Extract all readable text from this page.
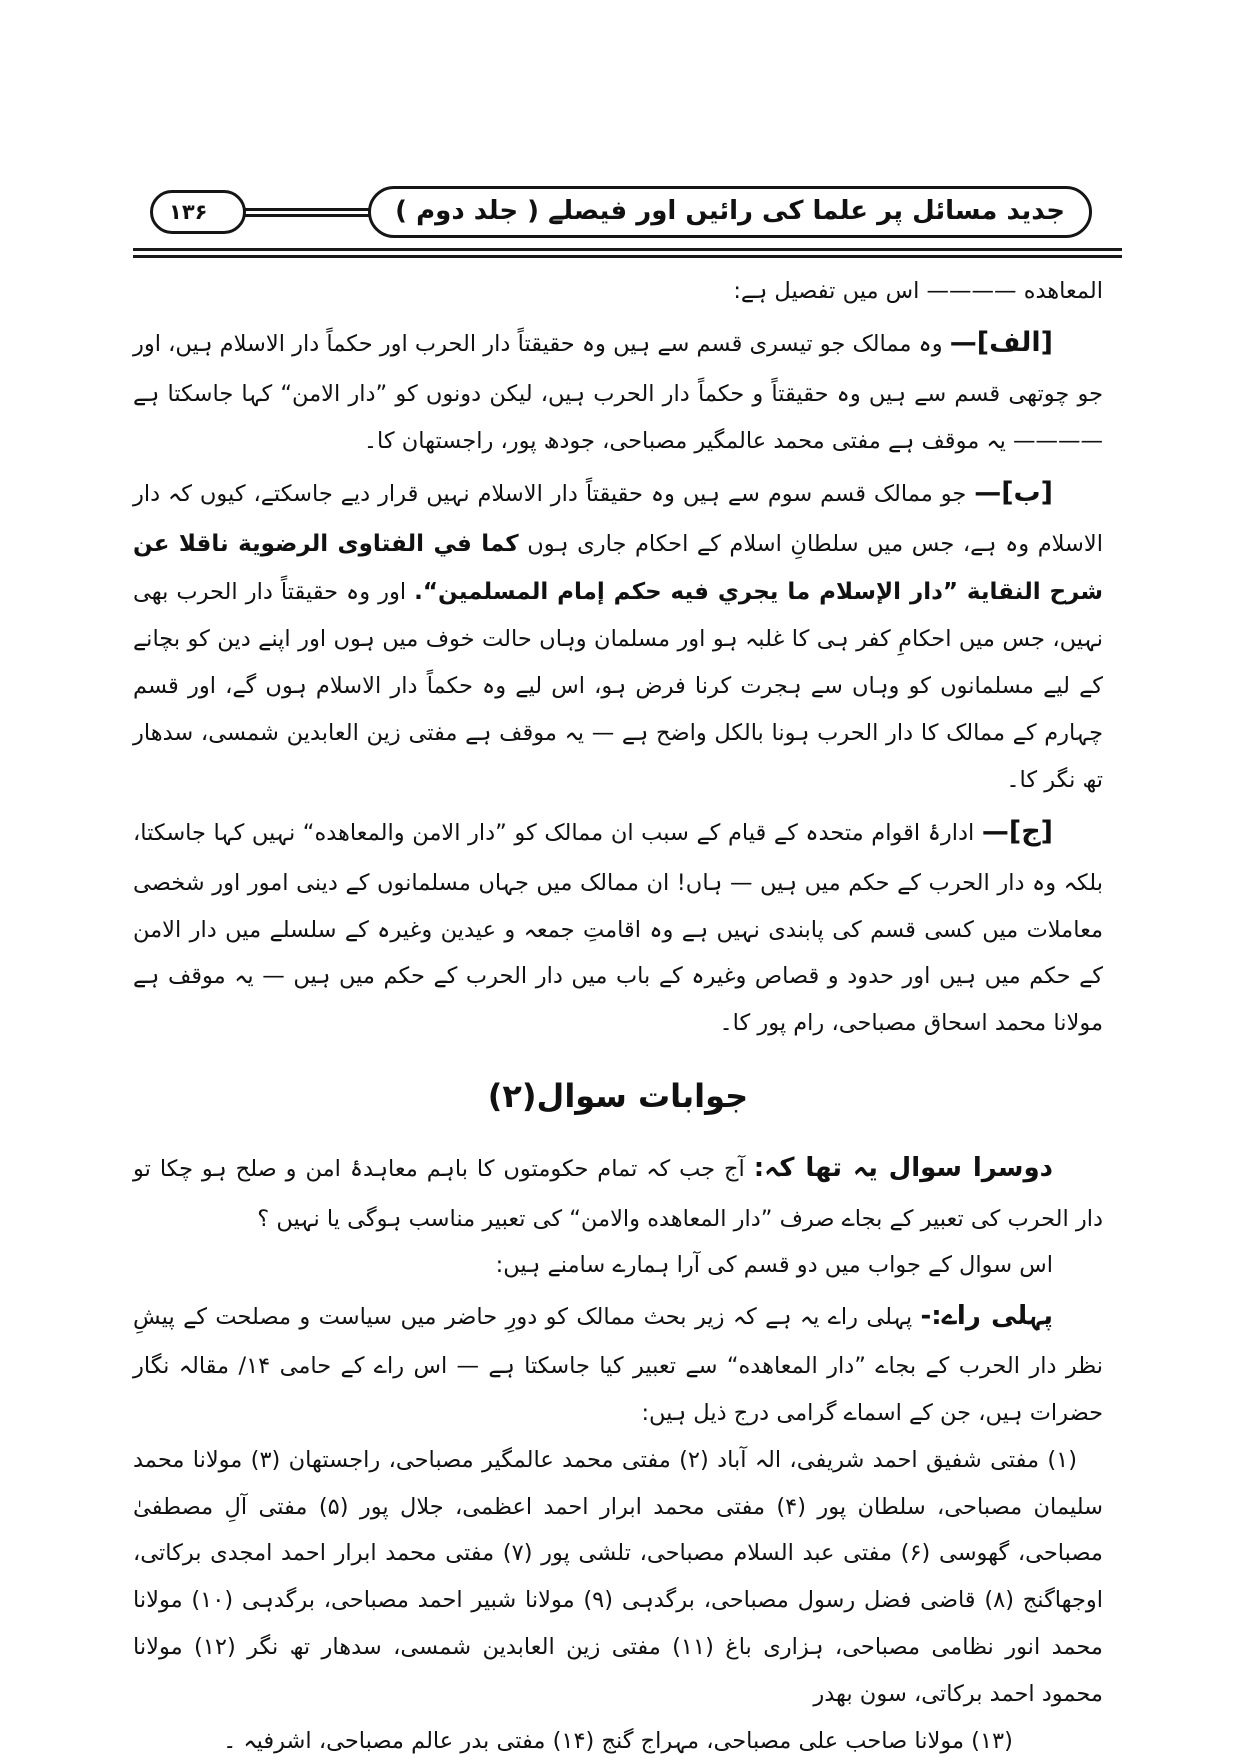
۱۳۶	جدید مسائل پر علما کی رائیں اور فیصلے ( جلد دوم )

المعاهده ———— اس میں تفصیل ہے:

[الف]— وہ ممالک جو تیسری قسم سے ہیں وہ حقیقتاً دار الحرب اور حکماً دار الاسلام ہیں، اور جو چوتھی قسم سے ہیں وہ حقیقتاً و حکماً دار الحرب ہیں، لیکن دونوں کو ”دار الامن“ کہا جاسکتا ہے ———— یہ موقف ہے مفتی محمد عالمگیر مصباحی، جودھ پور، راجستھان کا۔

[ب]— جو ممالک قسم سوم سے ہیں وہ حقیقتاً دار الاسلام نہیں قرار دیے جاسکتے، کیوں کہ دار الاسلام وہ ہے، جس میں سلطانِ اسلام کے احکام جاری ہوں كما في الفتاوى الرضوية ناقلا عن شرح النقاية ”دار الإسلام ما يجري فيه حكم إمام المسلمين“. اور وہ حقیقتاً دار الحرب بھی نہیں، جس میں احکامِ کفر ہی کا غلبہ ہو اور مسلمان وہاں حالت خوف میں ہوں اور اپنے دین کو بچانے کے لیے مسلمانوں کو وہاں سے ہجرت کرنا فرض ہو، اس لیے وہ حکماً دار الاسلام ہوں گے، اور قسم چہارم کے ممالک کا دار الحرب ہونا بالکل واضح ہے — یہ موقف ہے مفتی زین العابدین شمسی، سدھار تھ نگر کا۔

[ج]— ادارۂ اقوام متحدہ کے قیام کے سبب ان ممالک کو ”دار الامن والمعاهده“ نہیں کہا جاسکتا، بلکہ وہ دار الحرب کے حکم میں ہیں — ہاں! ان ممالک میں جہاں مسلمانوں کے دینی امور اور شخصی معاملات میں کسی قسم کی پابندی نہیں ہے وہ اقامتِ جمعہ و عیدین وغیرہ کے سلسلے میں دار الامن کے حکم میں ہیں اور حدود و قصاص وغیرہ کے باب میں دار الحرب کے حکم میں ہیں — یہ موقف ہے مولانا محمد اسحاق مصباحی، رام پور کا۔

جوابات سوال(۲)

دوسرا سوال یہ تھا کہ: آج جب کہ تمام حکومتوں کا باہم معاہدۂ امن و صلح ہو چکا تو دار الحرب کی تعبیر کے بجاے صرف ”دار المعاهده والامن“ کی تعبیر مناسب ہوگی یا نہیں ؟

اس سوال کے جواب میں دو قسم کی آرا ہمارے سامنے ہیں:

پہلی راے:- پہلی راے یہ ہے کہ زیر بحث ممالک کو دورِ حاضر میں سیاست و مصلحت کے پیشِ نظر دار الحرب کے بجاے ”دار المعاهده“ سے تعبیر کیا جاسکتا ہے — اس راے کے حامی ۱۴/ مقالہ نگار حضرات ہیں، جن کے اسماے گرامی درج ذیل ہیں:

(۱) مفتی شفیق احمد شریفی، الہ آباد (۲) مفتی محمد عالمگیر مصباحی، راجستھان (۳) مولانا محمد سلیمان مصباحی، سلطان پور (۴) مفتی محمد ابرار احمد اعظمی، جلال پور (۵) مفتی آلِ مصطفیٰ مصباحی، گھوسی (۶) مفتی عبد السلام مصباحی، تلشی پور (۷) مفتی محمد ابرار احمد امجدی برکاتی، اوجھاگنج (۸) قاضی فضل رسول مصباحی، برگدہی (۹) مولانا شبیر احمد مصباحی، برگدہی (۱۰) مولانا محمد انور نظامی مصباحی، ہزاری باغ (۱۱) مفتی زین العابدین شمسی، سدھار تھ نگر (۱۲) مولانا محمود احمد برکاتی، سون بھدر

(۱۳) مولانا صاحب علی مصباحی، مہراج گنج (۱۴) مفتی بدر عالم مصباحی، اشرفیہ ۔
